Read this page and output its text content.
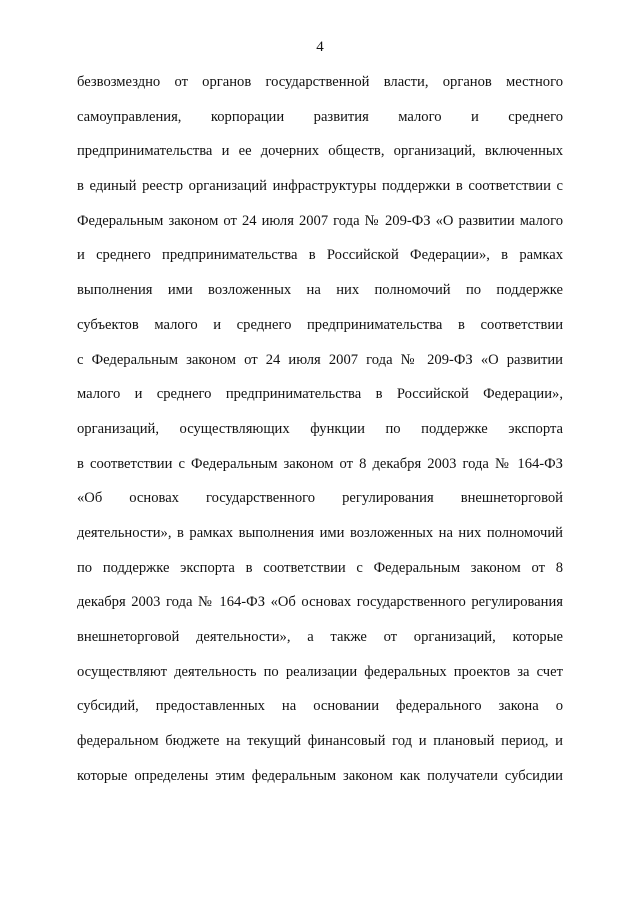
4
безвозмездно от органов государственной власти, органов местного
самоуправления, корпорации развития малого и среднего
предпринимательства и ее дочерних обществ, организаций, включенных
в единый реестр организаций инфраструктуры поддержки в соответствии с
Федеральным законом от 24 июля 2007 года № 209-ФЗ «О развитии малого
и среднего предпринимательства в Российской Федерации», в рамках
выполнения ими возложенных на них полномочий по поддержке
субъектов малого и среднего предпринимательства в соответствии
с Федеральным законом от 24 июля 2007 года № 209-ФЗ «О развитии
малого и среднего предпринимательства в Российской Федерации»,
организаций, осуществляющих функции по поддержке экспорта
в соответствии с Федеральным законом от 8 декабря 2003 года № 164-ФЗ
«Об основах государственного регулирования внешнеторговой
деятельности», в рамках выполнения ими возложенных на них полномочий
по поддержке экспорта в соответствии с Федеральным законом от 8
декабря 2003 года № 164-ФЗ «Об основах государственного регулирования
внешнеторговой деятельности», а также от организаций, которые
осуществляют деятельность по реализации федеральных проектов за счет
субсидий, предоставленных на основании федерального закона о
федеральном бюджете на текущий финансовый год и плановый период, и
которые определены этим федеральным законом как получатели субсидии
